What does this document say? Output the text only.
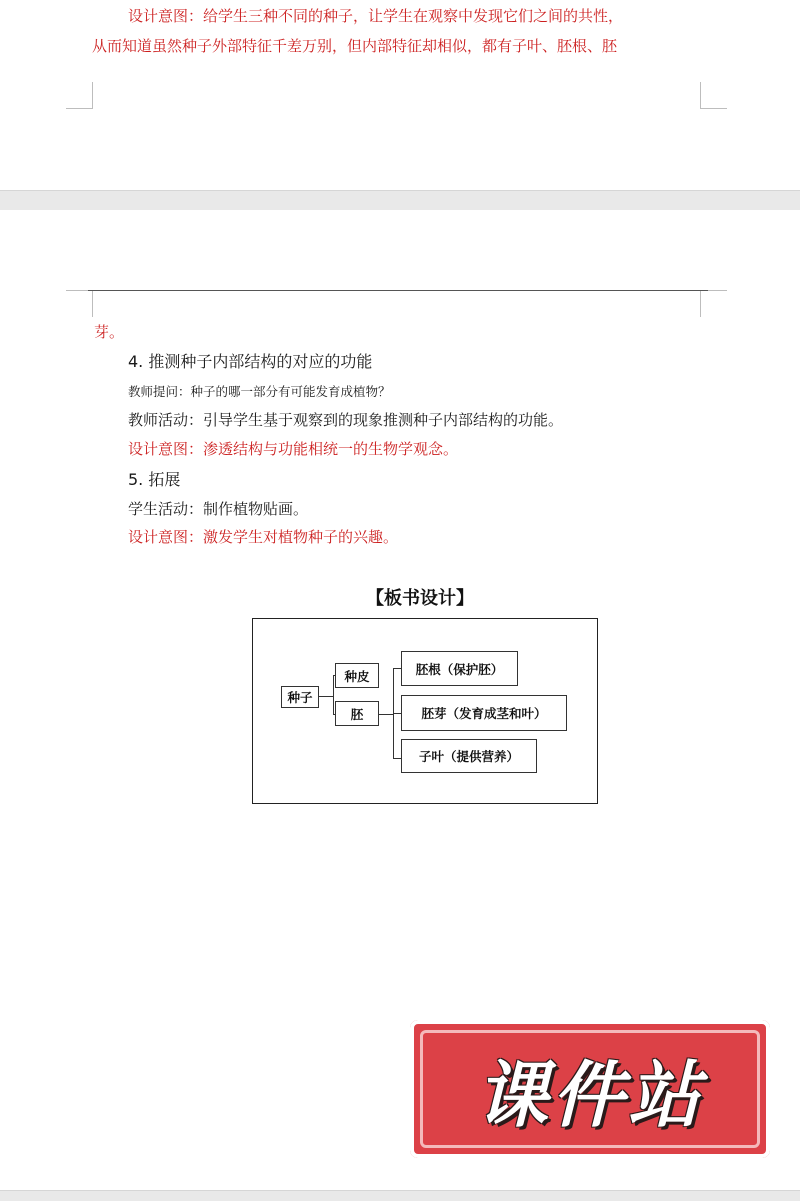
设计意图：给学生三种不同的种子，让学生在观察中发现它们之间的共性，
从而知道虽然种子外部特征千差万别，但内部特征却相似，都有子叶、胚根、胚
芽。
4. 推测种子内部结构的对应的功能
教师提问：种子的哪一部分有可能发育成植物？
教师活动：引导学生基于观察到的现象推测种子内部结构的功能。
设计意图：渗透结构与功能相统一的生物学观念。
5. 拓展
学生活动：制作植物贴画。
设计意图：激发学生对植物种子的兴趣。
【板书设计】
种子
种皮
胚
胚根（保护胚）
胚芽（发育成茎和叶）
子叶（提供营养）
课件站
